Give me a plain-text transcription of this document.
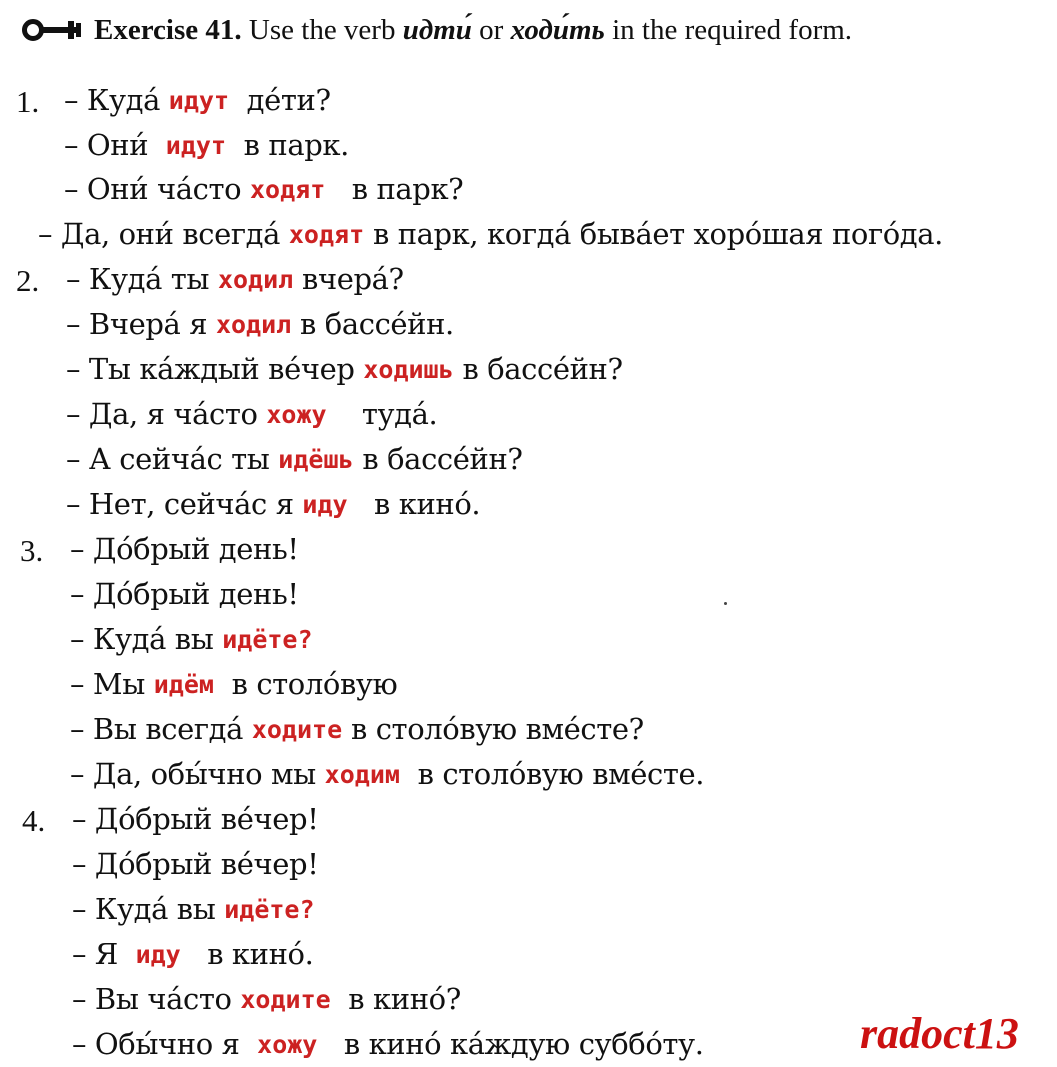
Exercise 41. Use the verb идти́ or ходи́ть in the required form.
1.
2.
3.
4.
– Куда́ идут де́ти?
– Они́ идут в парк.
– Они́ ча́сто ходят в парк?
– Да, они́ всегда́ ходят в парк, когда́ быва́ет хоро́шая пого́да.
– Куда́ ты ходил вчера́?
– Вчера́ я ходил в бассе́йн.
– Ты ка́ждый ве́чер ходишь в бассе́йн?
– Да, я ча́сто хожу туда́.
– А сейча́с ты идёшь в бассе́йн?
– Нет, сейча́с я иду в кино́.
– До́брый день!
– До́брый день!
– Куда́ вы идёте?
– Мы идём в столо́вую
– Вы всегда́ ходите в столо́вую вме́сте?
– Да, обы́чно мы ходим в столо́вую вме́сте.
– До́брый ве́чер!
– До́брый ве́чер!
– Куда́ вы идёте?
– Я иду в кино́.
– Вы ча́сто ходите в кино́?
– Обы́чно я хожу в кино́ ка́ждую суббо́ту.	radoct13
